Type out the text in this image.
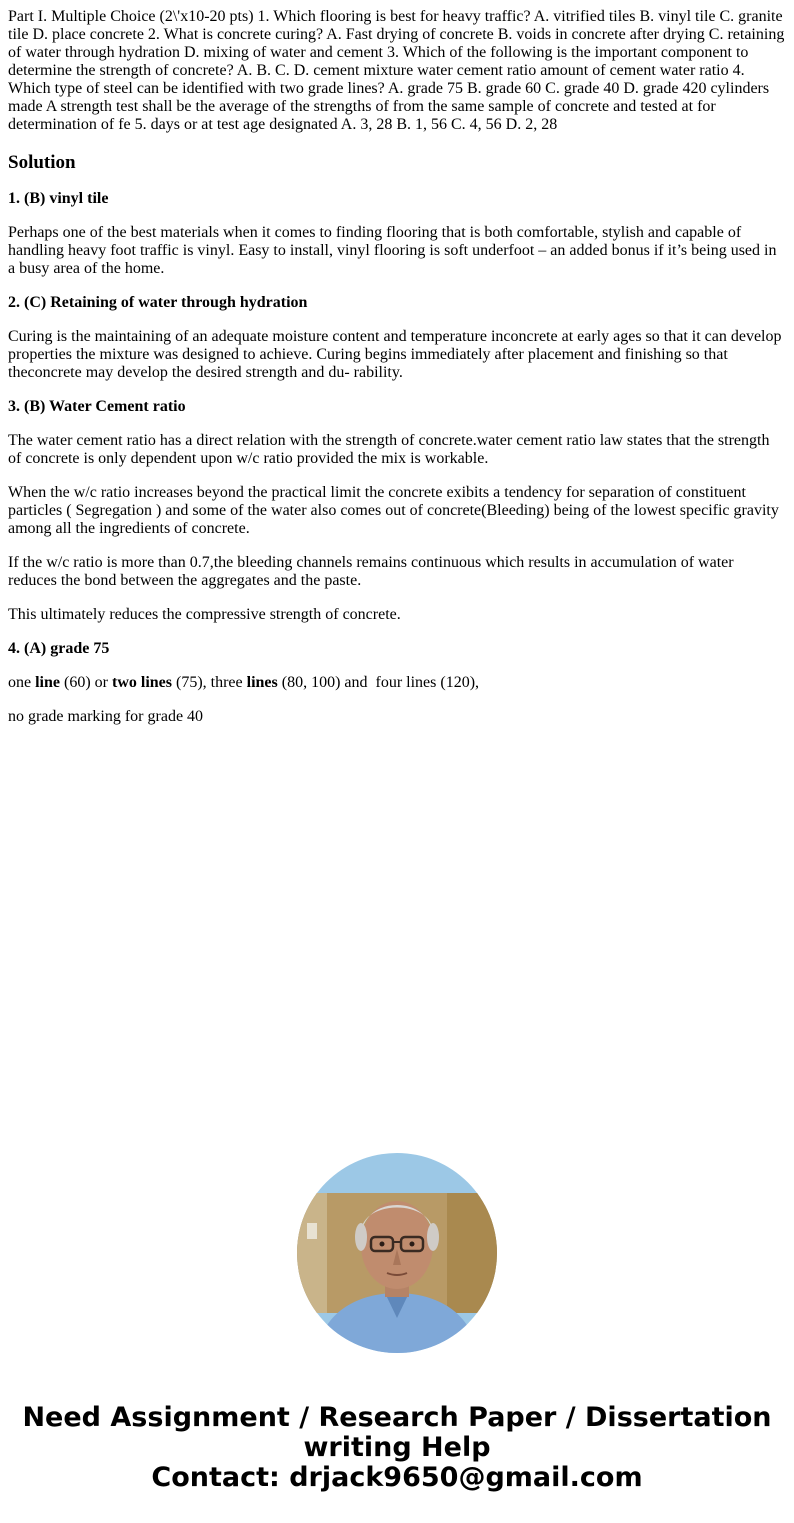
Part I. Multiple Choice (2\'x10-20 pts) 1. Which flooring is best for heavy traffic? A. vitrified tiles B. vinyl tile C. granite tile D. place concrete 2. What is concrete curing? A. Fast drying of concrete B. voids in concrete after drying C. retaining of water through hydration D. mixing of water and cement 3. Which of the following is the important component to determine the strength of concrete? A. B. C. D. cement mixture water cement ratio amount of cement water ratio 4. Which type of steel can be identified with two grade lines? A. grade 75 B. grade 60 C. grade 40 D. grade 420 cylinders made A strength test shall be the average of the strengths of from the same sample of concrete and tested at for determination of fe 5. days or at test age designated A. 3, 28 B. 1, 56 C. 4, 56 D. 2, 28

Solution

1. (B) vinyl tile

Perhaps one of the best materials when it comes to finding flooring that is both comfortable, stylish and capable of handling heavy foot traffic is vinyl. Easy to install, vinyl flooring is soft underfoot – an added bonus if it’s being used in a busy area of the home.

2. (C) Retaining of water through hydration

Curing is the maintaining of an adequate moisture content and temperature inconcrete at early ages so that it can develop properties the mixture was designed to achieve. Curing begins immediately after placement and finishing so that theconcrete may develop the desired strength and du- rability.

3. (B) Water Cement ratio

The water cement ratio has a direct relation with the strength of concrete.water cement ratio law states that the strength of concrete is only dependent upon w/c ratio provided the mix is workable.

When the w/c ratio increases beyond the practical limit the concrete exibits a tendency for separation of constituent particles ( Segregation ) and some of the water also comes out of concrete(Bleeding) being of the lowest specific gravity among all the ingredients of concrete.

If the w/c ratio is more than 0.7,the bleeding channels remains continuous which results in accumulation of water reduces the bond between the aggregates and the paste.

This ultimately reduces the compressive strength of concrete.

4. (A) grade 75

one line (60) or two lines (75), three lines (80, 100) and  four lines (120),

no grade marking for grade 40

Need Assignment / Research Paper / Dissertation
writing Help
Contact: drjack9650@gmail.com
